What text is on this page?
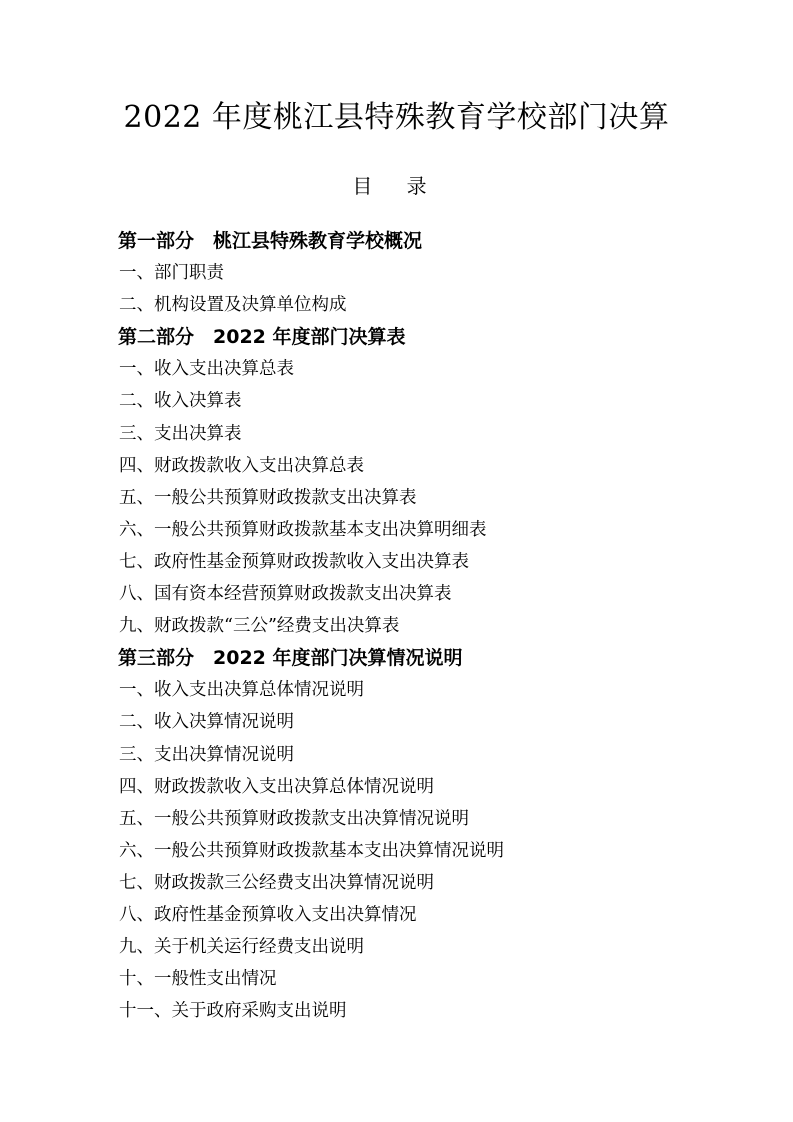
2022 年度桃江县特殊教育学校部门决算
目 录
第一部分　桃江县特殊教育学校概况
一、部门职责
二、机构设置及决算单位构成
第二部分　2022 年度部门决算表
一、收入支出决算总表
二、收入决算表
三、支出决算表
四、财政拨款收入支出决算总表
五、一般公共预算财政拨款支出决算表
六、一般公共预算财政拨款基本支出决算明细表
七、政府性基金预算财政拨款收入支出决算表
八、国有资本经营预算财政拨款支出决算表
九、财政拨款“三公”经费支出决算表
第三部分　2022 年度部门决算情况说明
一、收入支出决算总体情况说明
二、收入决算情况说明
三、支出决算情况说明
四、财政拨款收入支出决算总体情况说明
五、一般公共预算财政拨款支出决算情况说明
六、一般公共预算财政拨款基本支出决算情况说明
七、财政拨款三公经费支出决算情况说明
八、政府性基金预算收入支出决算情况
九、关于机关运行经费支出说明
十、一般性支出情况
十一、关于政府采购支出说明
